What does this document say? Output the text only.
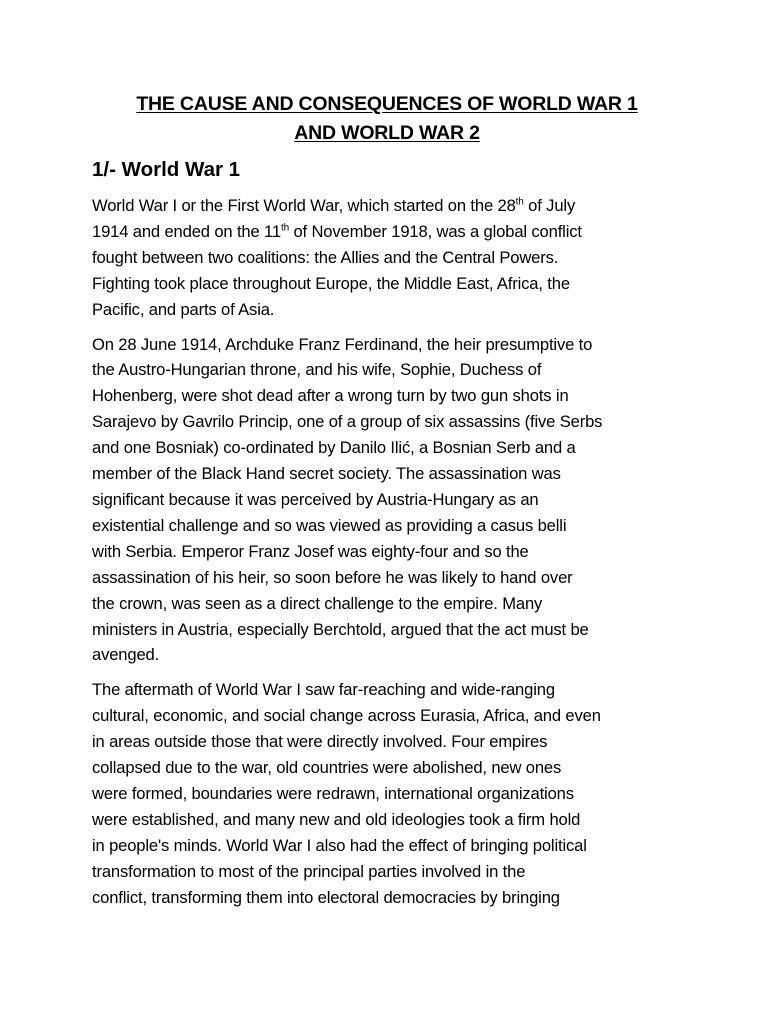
THE CAUSE AND CONSEQUENCES OF WORLD WAR 1
AND WORLD WAR 2
1/- World War 1

World War I or the First World War, which started on the 28th of July
1914 and ended on the 11th of November 1918, was a global conflict
fought between two coalitions: the Allies and the Central Powers.
Fighting took place throughout Europe, the Middle East, Africa, the
Pacific, and parts of Asia.

On 28 June 1914, Archduke Franz Ferdinand, the heir presumptive to
the Austro-Hungarian throne, and his wife, Sophie, Duchess of
Hohenberg, were shot dead after a wrong turn by two gun shots in
Sarajevo by Gavrilo Princip, one of a group of six assassins (five Serbs
and one Bosniak) co-ordinated by Danilo Ilić, a Bosnian Serb and a
member of the Black Hand secret society. The assassination was
significant because it was perceived by Austria-Hungary as an
existential challenge and so was viewed as providing a casus belli
with Serbia. Emperor Franz Josef was eighty-four and so the
assassination of his heir, so soon before he was likely to hand over
the crown, was seen as a direct challenge to the empire. Many
ministers in Austria, especially Berchtold, argued that the act must be
avenged.

The aftermath of World War I saw far-reaching and wide-ranging
cultural, economic, and social change across Eurasia, Africa, and even
in areas outside those that were directly involved. Four empires
collapsed due to the war, old countries were abolished, new ones
were formed, boundaries were redrawn, international organizations
were established, and many new and old ideologies took a firm hold
in people's minds. World War I also had the effect of bringing political
transformation to most of the principal parties involved in the
conflict, transforming them into electoral democracies by bringing
